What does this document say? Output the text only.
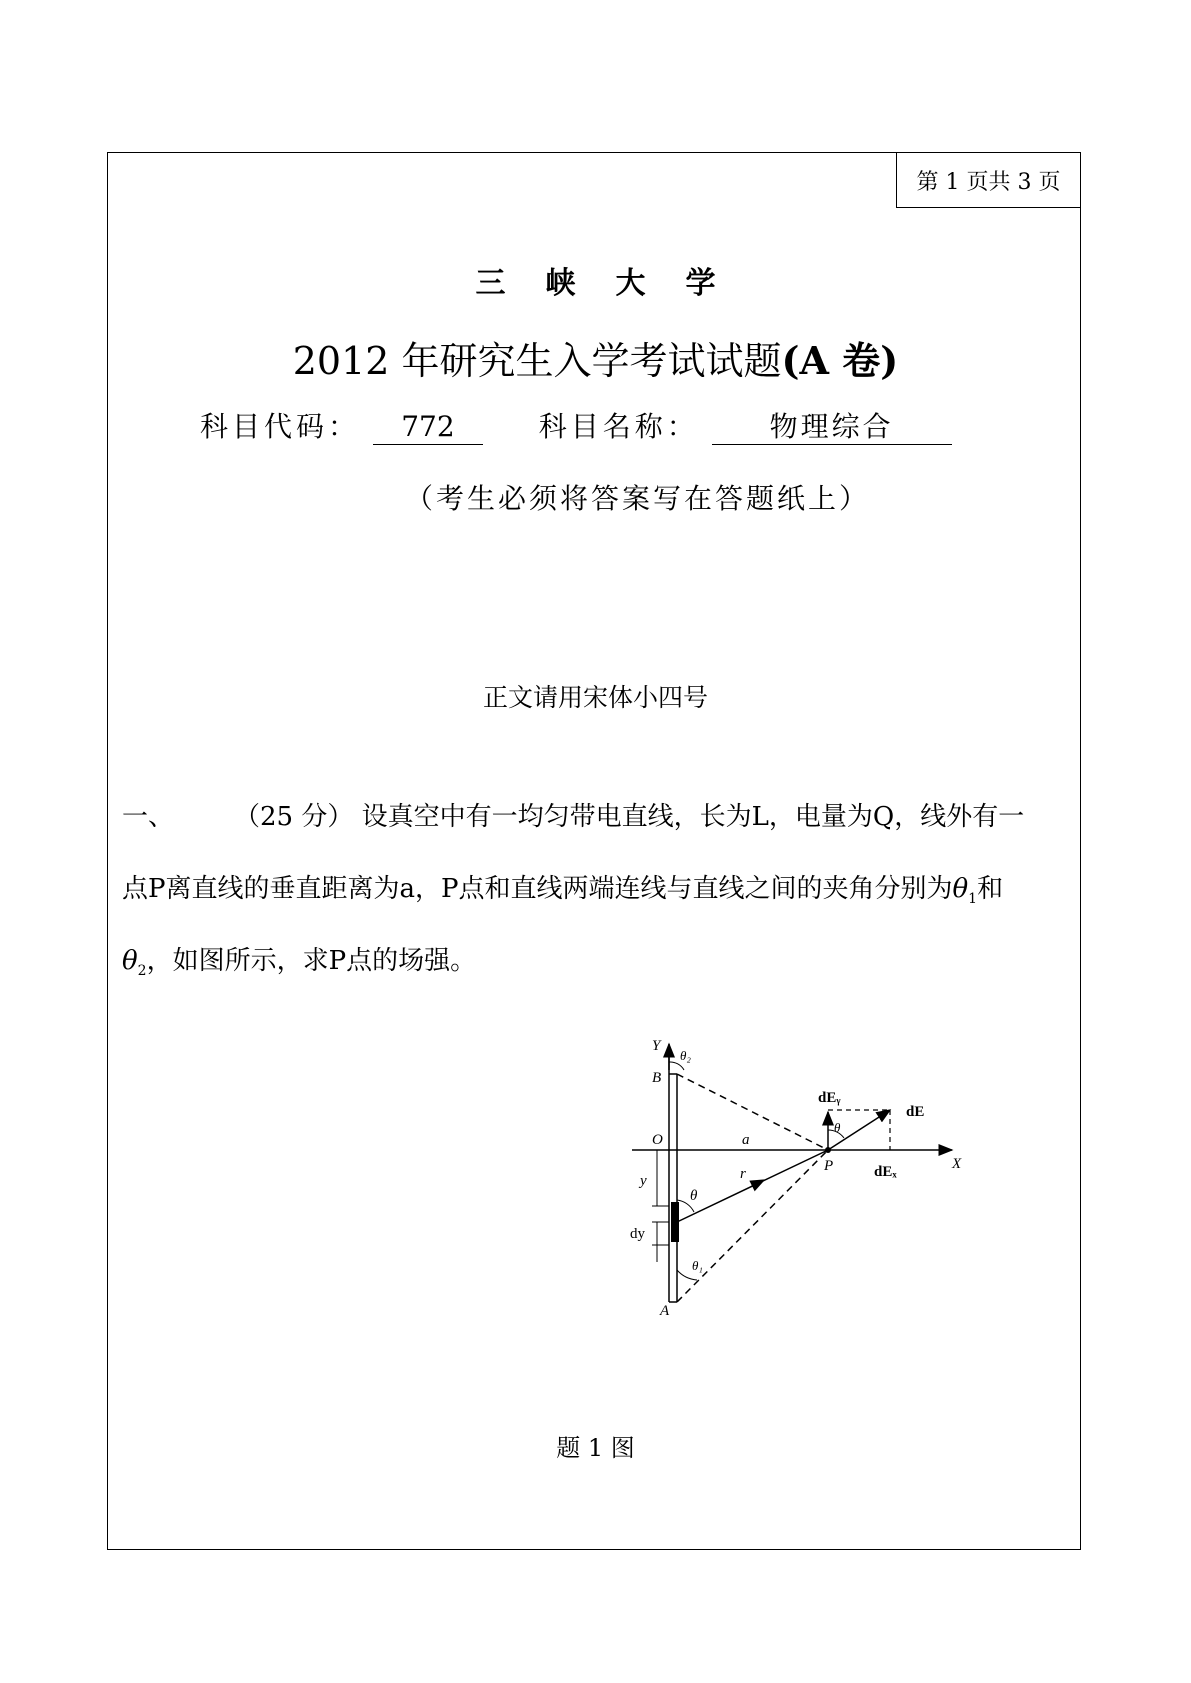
第 1 页共 3 页
三峡大学
2012 年研究生入学考试试题(A 卷)
科目代码： 772	科目名称：	物理综合
（考生必须将答案写在答题纸上）
正文请用宋体小四号
一、 （25 分） 设真空中有一均匀带电直线，长为L，电量为Q，线外有一
点P离直线的垂直距离为a，P点和直线两端连线与直线之间的夹角分别为$\theta_1$和
$\theta_2$，如图所示，求P点的场强。
Y
θ₂
B
O	a
P	X
y
θ
r
dy
θ₁
A
dEᵧ
dE
dEₓ
θ
题 1 图
